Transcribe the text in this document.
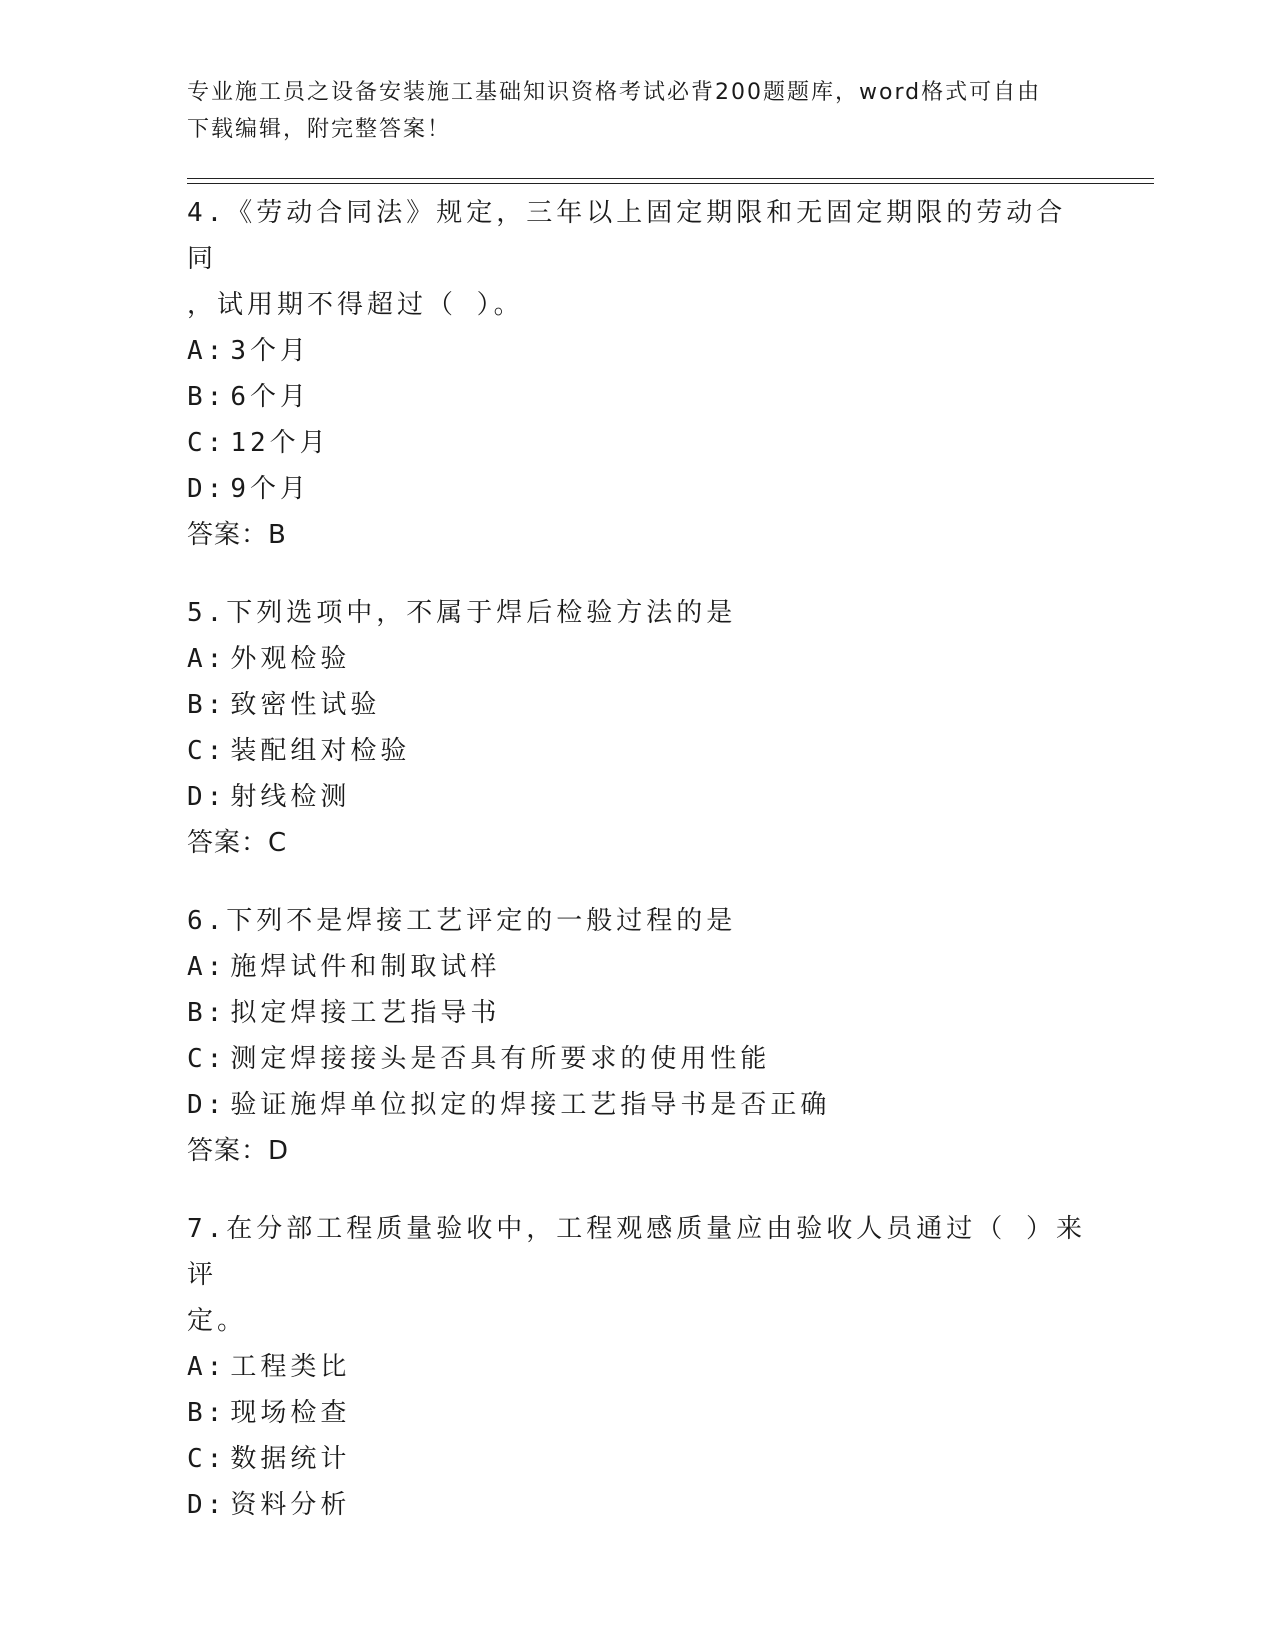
专业施工员之设备安装施工基础知识资格考试必背200题题库，word格式可自由
下载编辑，附完整答案！
4.《劳动合同法》规定，三年以上固定期限和无固定期限的劳动合同
，试用期不得超过（ ）。
A: 3个月
B: 6个月
C: 12个月
D: 9个月
答案：B
5.下列选项中，不属于焊后检验方法的是
A: 外观检验
B: 致密性试验
C: 装配组对检验
D: 射线检测
答案：C
6.下列不是焊接工艺评定的一般过程的是
A: 施焊试件和制取试样
B: 拟定焊接工艺指导书
C: 测定焊接接头是否具有所要求的使用性能
D: 验证施焊单位拟定的焊接工艺指导书是否正确
答案：D
7.在分部工程质量验收中，工程观感质量应由验收人员通过（ ）来评
定。
A: 工程类比
B: 现场检查
C: 数据统计
D: 资料分析
